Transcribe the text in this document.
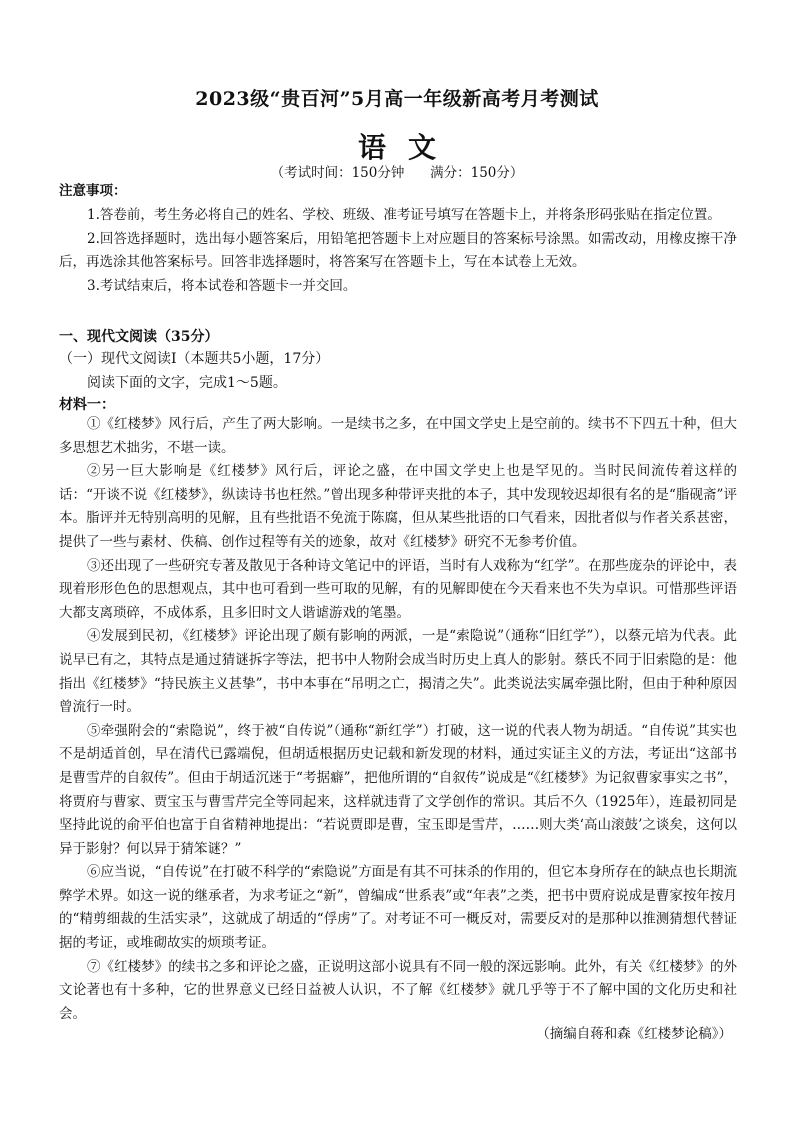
2023级“贵百河”5月高一年级新高考月考测试
语文
（考试时间：150分钟      满分：150分）
注意事项：

1.答卷前，考生务必将自己的姓名、学校、班级、准考证号填写在答题卡上，并将条形码张贴在指定位置。

2.回答选择题时，选出每小题答案后，用铅笔把答题卡上对应题目的答案标号涂黑。如需改动，用橡皮擦干净后，再选涂其他答案标号。回答非选择题时，将答案写在答题卡上，写在本试卷上无效。

3.考试结束后，将本试卷和答题卡一并交回。

一、现代文阅读（35分）
（一）现代文阅读Ⅰ（本题共5小题，17分）
阅读下面的文字，完成1～5题。
材料一：

①《红楼梦》风行后，产生了两大影响。一是续书之多，在中国文学史上是空前的。续书不下四五十种，但大多思想艺术拙劣，不堪一读。

②另一巨大影响是《红楼梦》风行后，评论之盛，在中国文学史上也是罕见的。当时民间流传着这样的话：“开谈不说《红楼梦》，纵读诗书也枉然。”曾出现多种带评夹批的本子，其中发现较迟却很有名的是“脂砚斋”评本。脂评并无特别高明的见解，且有些批语不免流于陈腐，但从某些批语的口气看来，因批者似与作者关系甚密，提供了一些与素材、佚稿、创作过程等有关的迹象，故对《红楼梦》研究不无参考价值。

③还出现了一些研究专著及散见于各种诗文笔记中的评语，当时有人戏称为“红学”。在那些庞杂的评论中，表现着形形色色的思想观点，其中也可看到一些可取的见解，有的见解即使在今天看来也不失为卓识。可惜那些评语大都支离琐碎，不成体系，且多旧时文人谐谑游戏的笔墨。

④发展到民初，《红楼梦》评论出现了颇有影响的两派，一是“索隐说”（通称“旧红学”），以蔡元培为代表。此说早已有之，其特点是通过猜谜拆字等法，把书中人物附会成当时历史上真人的影射。蔡氏不同于旧索隐的是：他指出《红楼梦》“持民族主义甚挚”，书中本事在“吊明之亡，揭清之失”。此类说法实属牵强比附，但由于种种原因曾流行一时。

⑤牵强附会的“索隐说”，终于被“自传说”（通称“新红学”）打破，这一说的代表人物为胡适。“自传说”其实也不是胡适首创，早在清代已露端倪，但胡适根据历史记载和新发现的材料，通过实证主义的方法，考证出“这部书是曹雪芹的自叙传”。但由于胡适沉迷于“考据癖”，把他所谓的“自叙传”说成是“《红楼梦》为记叙曹家事实之书”，将贾府与曹家、贾宝玉与曹雪芹完全等同起来，这样就违背了文学创作的常识。其后不久（1925年），连最初同是坚持此说的俞平伯也富于自省精神地提出：“若说贾即是曹，宝玉即是雪芹，……则大类‘高山滚鼓’之谈矣，这何以异于影射？何以异于猜笨谜？”

⑥应当说，“自传说”在打破不科学的“索隐说”方面是有其不可抹杀的作用的，但它本身所存在的缺点也长期流弊学术界。如这一说的继承者，为求考证之“新”，曾编成“世系表”或“年表”之类，把书中贾府说成是曹家按年按月的“精剪细裁的生活实录”，这就成了胡适的“俘虏”了。对考证不可一概反对，需要反对的是那种以推测猜想代替证据的考证，或堆砌故实的烦琐考证。

⑦《红楼梦》的续书之多和评论之盛，正说明这部小说具有不同一般的深远影响。此外，有关《红楼梦》的外文论著也有十多种，它的世界意义已经日益被人认识，不了解《红楼梦》就几乎等于不了解中国的文化历史和社会。

（摘编自蒋和森《红楼梦论稿》）
